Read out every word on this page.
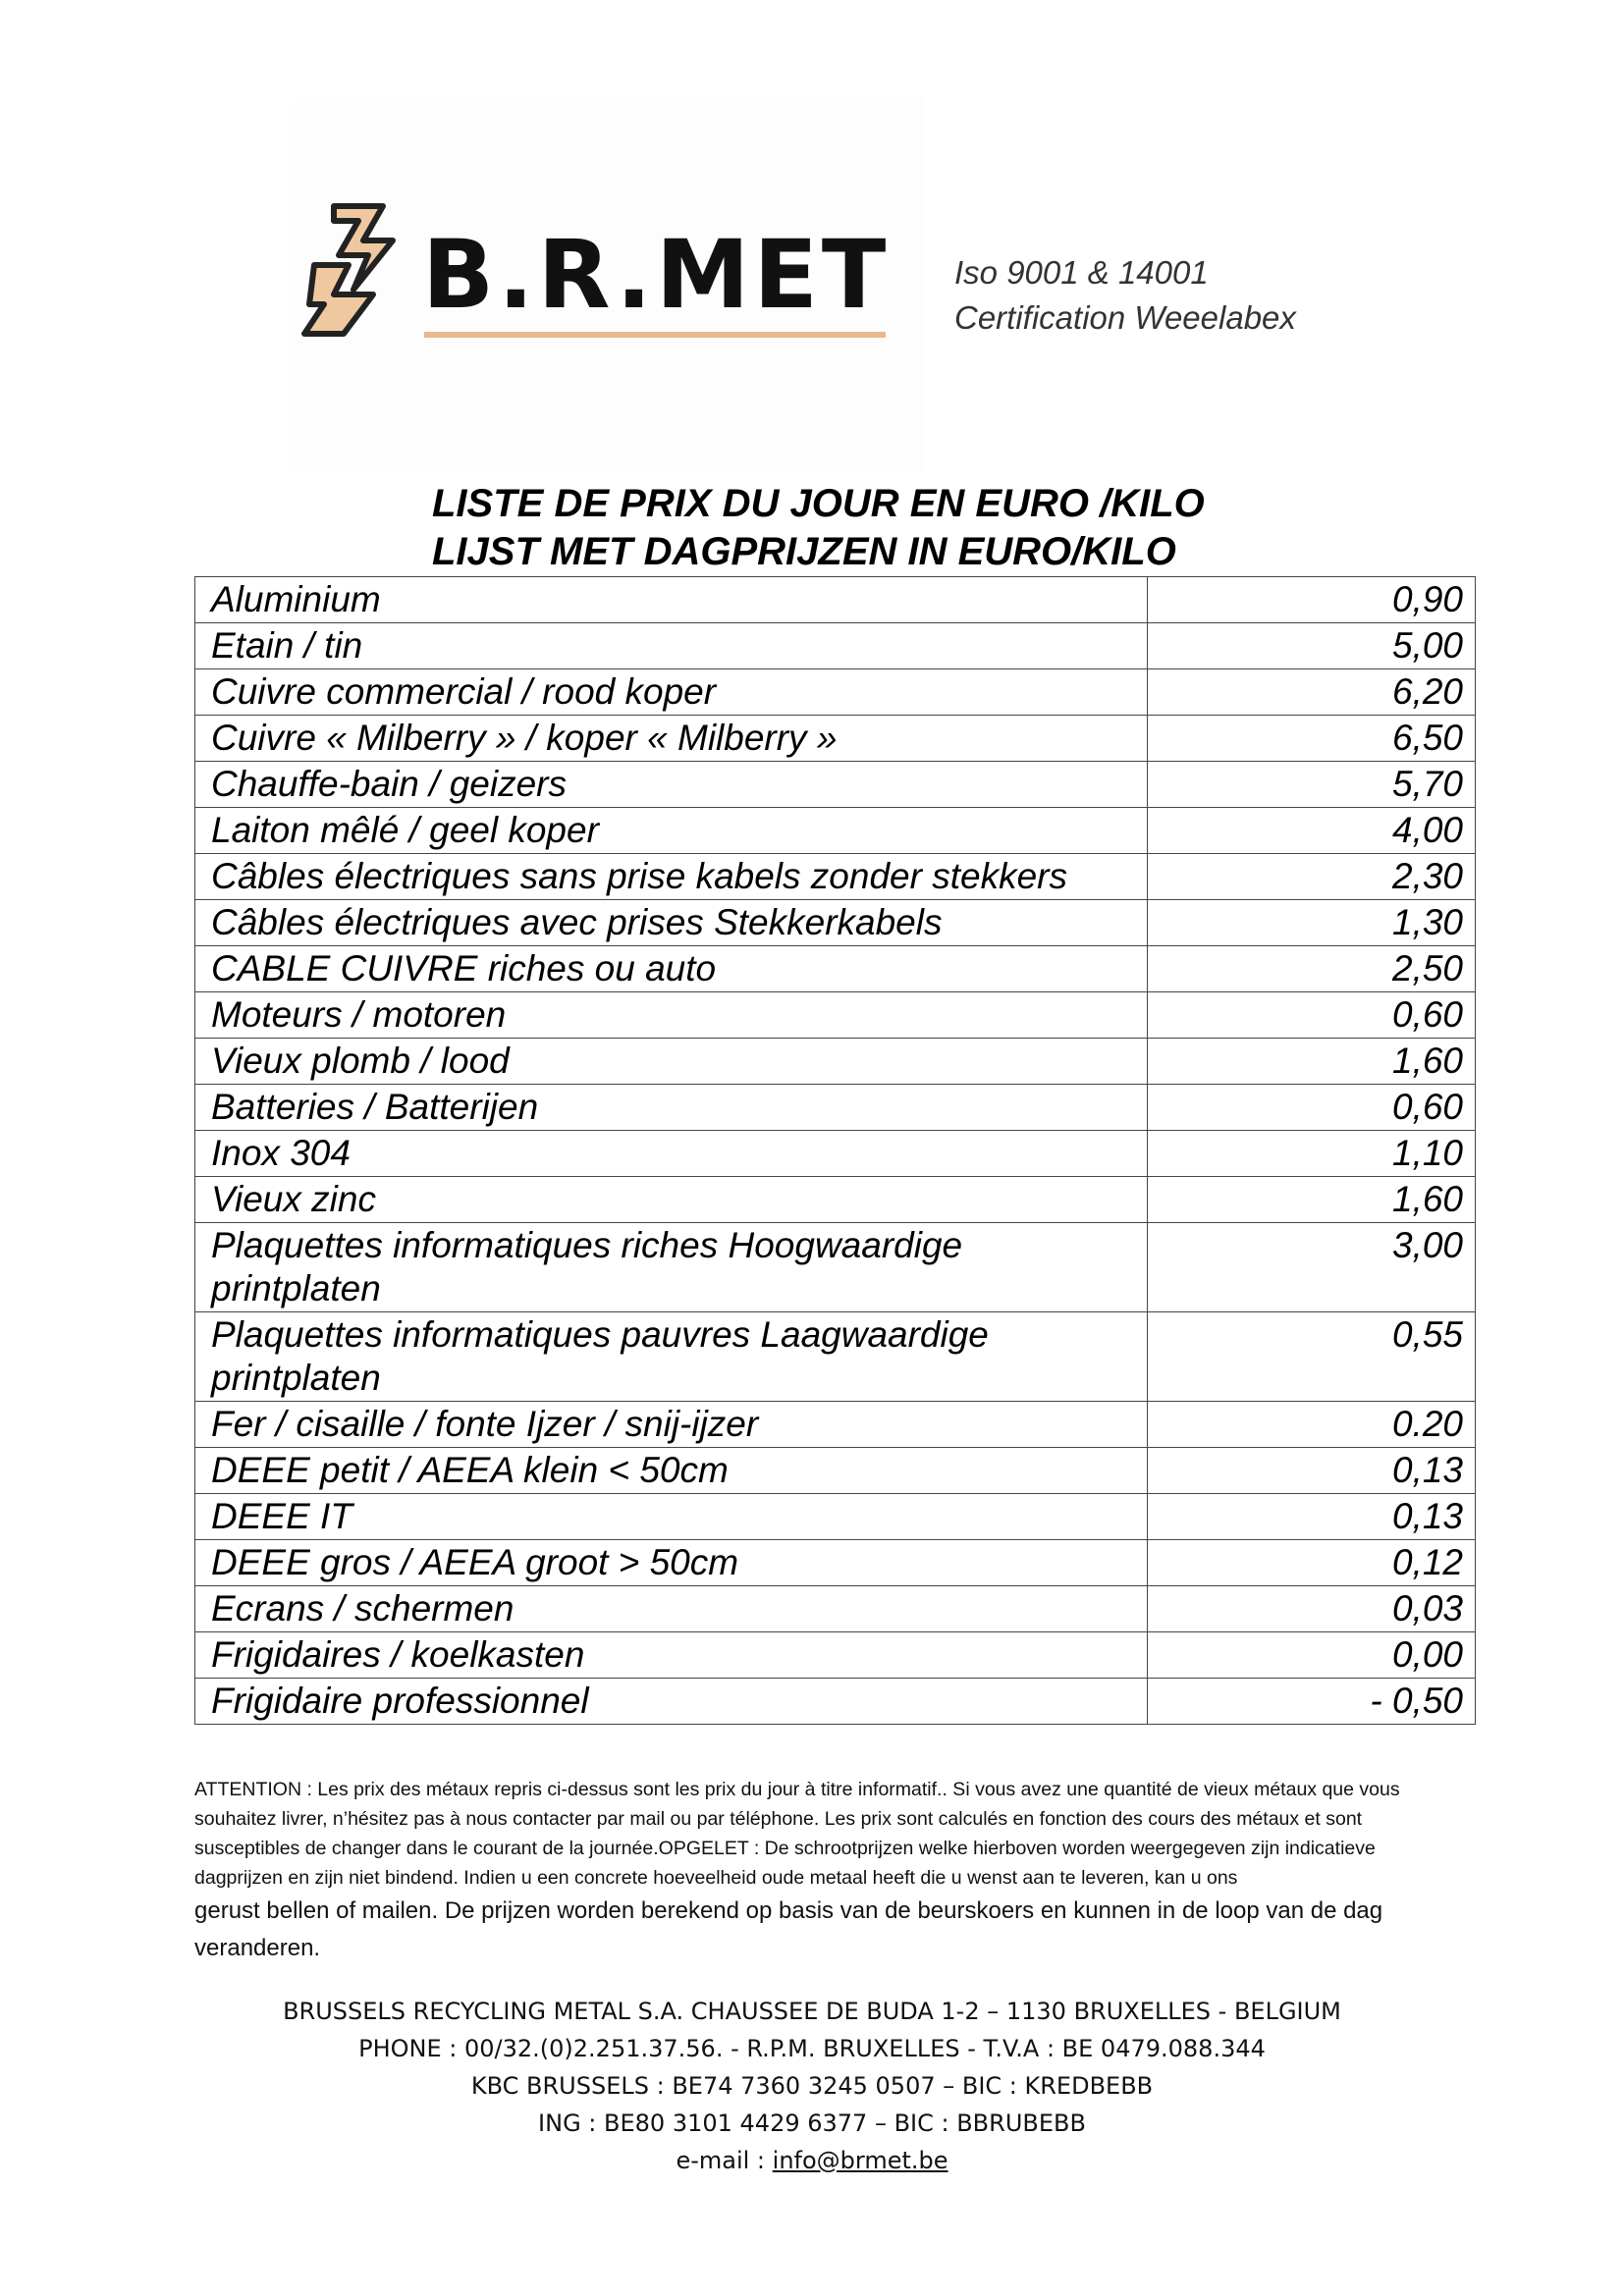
B.R.MET Iso 9001 & 14001
Certification Weeelabex
LISTE DE PRIX DU JOUR EN EURO /KILO
LIJST MET DAGPRIJZEN IN EURO/KILO
Aluminium	0,90
Etain / tin	5,00
Cuivre commercial / rood koper	6,20
Cuivre « Milberry » / koper « Milberry »	6,50
Chauffe-bain / geizers	5,70
Laiton mêlé / geel koper	4,00
Câbles électriques sans prise kabels zonder stekkers	2,30
Câbles électriques avec prises Stekkerkabels	1,30
CABLE CUIVRE riches ou auto	2,50
Moteurs / motoren	0,60
Vieux plomb / lood	1,60
Batteries / Batterijen	0,60
Inox 304	1,10
Vieux zinc	1,60
Plaquettes informatiques riches Hoogwaardige printplaten	3,00
Plaquettes informatiques pauvres Laagwaardige printplaten	0,55
Fer / cisaille / fonte Ijzer / snij-ijzer	0.20
DEEE petit / AEEA klein < 50cm	0,13
DEEE IT	0,13
DEEE gros / AEEA groot > 50cm	0,12
Ecrans / schermen	0,03
Frigidaires / koelkasten	0,00
Frigidaire professionnel	- 0,50
ATTENTION : Les prix des métaux repris ci-dessus sont les prix du jour à titre informatif.. Si vous avez une quantité de vieux métaux que vous souhaitez livrer, n’hésitez pas à nous contacter par mail ou par téléphone. Les prix sont calculés en fonction des cours des métaux et sont susceptibles de changer dans le courant de la journée.OPGELET : De schrootprijzen welke hierboven worden weergegeven zijn indicatieve dagprijzen en zijn niet bindend. Indien u een concrete hoeveelheid oude metaal heeft die u wenst aan te leveren, kan u ons
gerust bellen of mailen. De prijzen worden berekend op basis van de beurskoers en kunnen in de loop van de dag veranderen.
BRUSSELS RECYCLING METAL S.A. CHAUSSEE DE BUDA 1-2 – 1130 BRUXELLES - BELGIUM
PHONE : 00/32.(0)2.251.37.56. - R.P.M. BRUXELLES - T.V.A : BE 0479.088.344
KBC BRUSSELS : BE74 7360 3245 0507 – BIC : KREDBEBB
ING : BE80 3101 4429 6377 – BIC : BBRUBEBB
e-mail : info@brmet.be
